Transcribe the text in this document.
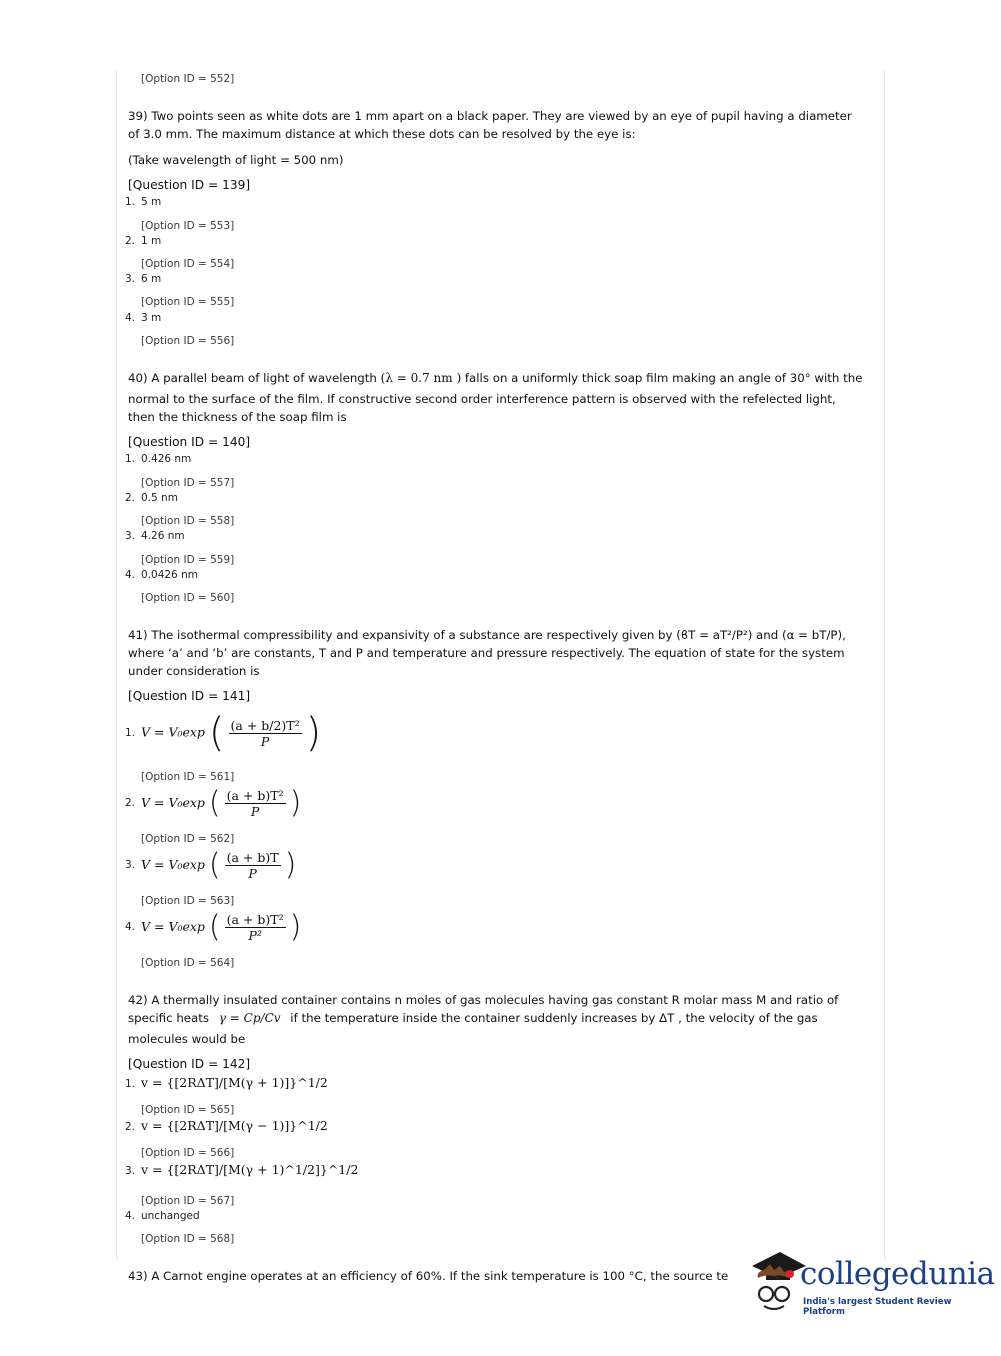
[Option ID = 552]
39) Two points seen as white dots are 1 mm apart on a black paper. They are viewed by an eye of pupil having a diameter
of 3.0 mm. The maximum distance at which these dots can be resolved by the eye is:
(Take wavelength of light = 500 nm)
[Question ID = 139]
1. 5 m
[Option ID = 553]
2. 1 m
[Option ID = 554]
3. 6 m
[Option ID = 555]
4. 3 m
[Option ID = 556]
40) A parallel beam of light of wavelength (λ = 0.7 nm ) falls on a uniformly thick soap film making an angle of 30° with the
normal to the surface of the film. If constructive second order interference pattern is observed with the refelected light,
then the thickness of the soap film is
[Question ID = 140]
1. 0.426 nm
[Option ID = 557]
2. 0.5 nm
[Option ID = 558]
3. 4.26 nm
[Option ID = 559]
4. 0.0426 nm
[Option ID = 560]
41) The isothermal compressibility and expansivity of a substance are respectively given by (ϐT = aT²/P²) and (α = bT/P),
where ‘a’ and ‘b’ are constants, T and P and temperature and pressure respectively. The equation of state for the system
under consideration is
[Question ID = 141]
1. V = V₀exp ( $\frac{\text{(a + b/2)T²}}{P}$ )
[Option ID = 561]
2. V = V₀exp ( $\frac{\text{(a + b)T²}}{P}$ )
[Option ID = 562]
3. V = V₀exp ( $\frac{(a + b)T}{P}$ )
[Option ID = 563]
4. V = V₀exp ( $\frac{\text{(a + b)T²}}{\text{P²}}$ )
[Option ID = 564]
42) A thermally insulated container contains n moles of gas molecules having gas constant R molar mass M and ratio of
specific heats γ = Cp/Cv if the temperature inside the container suddenly increases by ΔT , the velocity of the gas
molecules would be
[Question ID = 142]
1. v = {[2RΔT]/[M(γ + 1)]}^1/2
[Option ID = 565]
2. v = {[2RΔT]/[M(γ − 1)]}^1/2
[Option ID = 566]
3. v = {[2RΔT]/[M(γ + 1)^1/2]}^1/2
[Option ID = 567]
4. unchanged
[Option ID = 568]
43) A Carnot engine operates at an efficiency of 60%. If the sink temperature is 100 °C, the source te collegedunia
India's largest Student Review Platform
